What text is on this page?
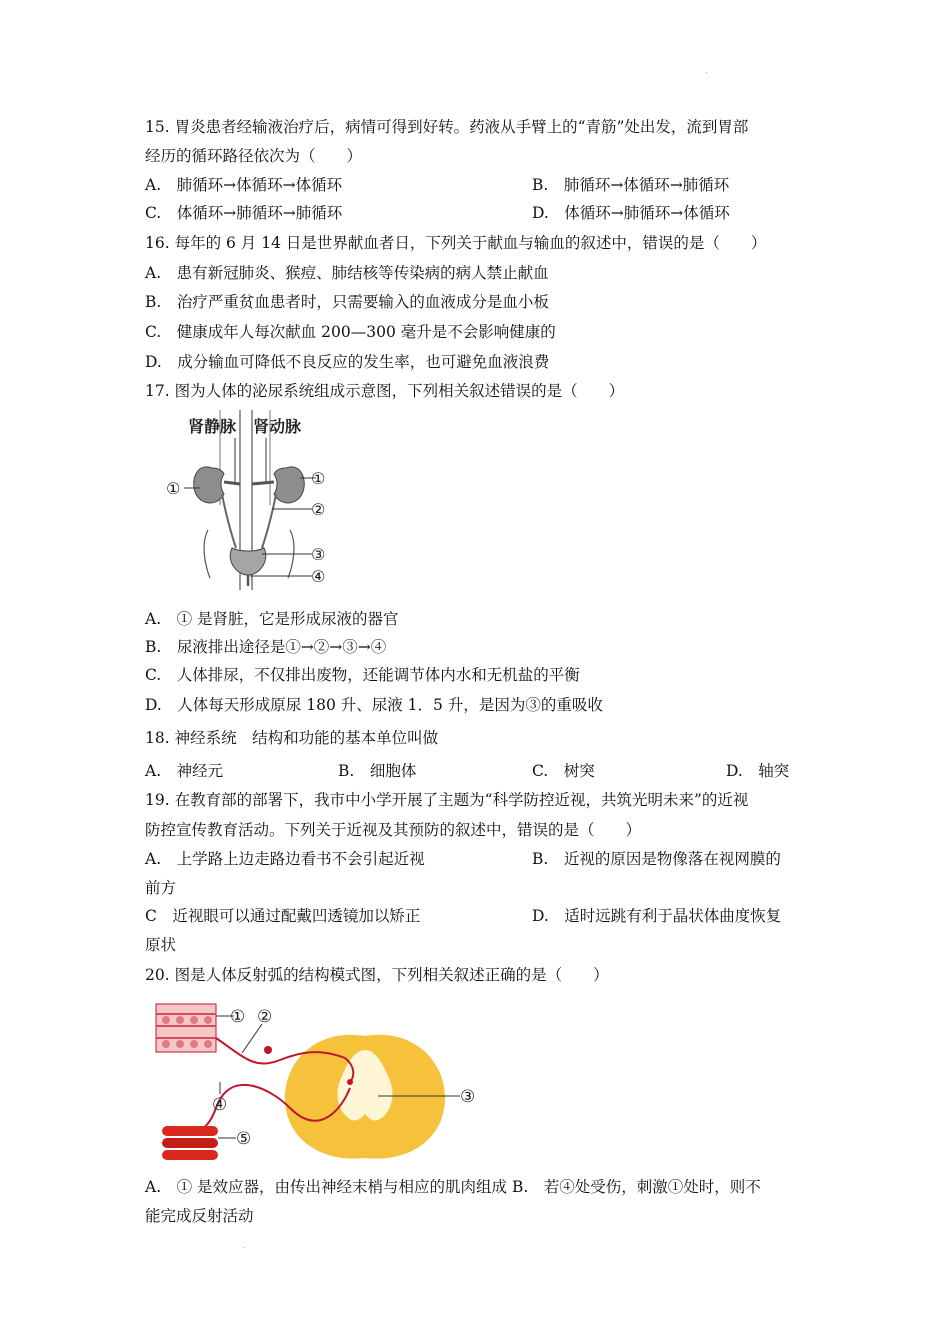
.
15. 胃炎患者经输液治疗后，病情可得到好转。药液从手臂上的“青筋”处出发，流到胃部
经历的循环路径依次为（　　）
A.　肺循环→体循环→体循环	B.　肺循环→体循环→肺循环
C.　体循环→肺循环→肺循环	D.　体循环→肺循环→体循环
16. 每年的 6 月 14 日是世界献血者日，下列关于献血与输血的叙述中，错误的是（　　）
A.　患有新冠肺炎、猴痘、肺结核等传染病的病人禁止献血
B.　治疗严重贫血患者时，只需要输入的血液成分是血小板
C.　健康成年人每次献血 200—300 毫升是不会影响健康的
D.　成分输血可降低不良反应的发生率，也可避免血液浪费
17. 图为人体的泌尿系统组成示意图，下列相关叙述错误的是（　　）
肾静脉 肾动脉
①
①
②
③
④
A.　① 是肾脏，它是形成尿液的器官
B.　尿液排出途径是①→②→③→④
C.　人体排尿，不仅排出废物，还能调节体内水和无机盐的平衡
D.　人体每天形成原尿 180 升、尿液 1．5 升，是因为③的重吸收
18. 神经系统　结构和功能的基本单位叫做
A.　神经元	B.　细胞体	C.　树突	D.　轴突
19. 在教育部的部署下，我市中小学开展了主题为“科学防控近视，共筑光明未来”的近视
防控宣传教育活动。下列关于近视及其预防的叙述中，错误的是（　　）
A.　上学路上边走路边看书不会引起近视	B.　近视的原因是物像落在视网膜的
前方
C　近视眼可以通过配戴凹透镜加以矫正	D.　适时远跳有利于晶状体曲度恢复
原状
20. 图是人体反射弧的结构模式图，下列相关叙述正确的是（　　）
① ②
③
④
⑤
A.　① 是效应器，由传出神经末梢与相应的肌肉组成 B.　若④处受伤，刺激①处时，则不
能完成反射活动
.
